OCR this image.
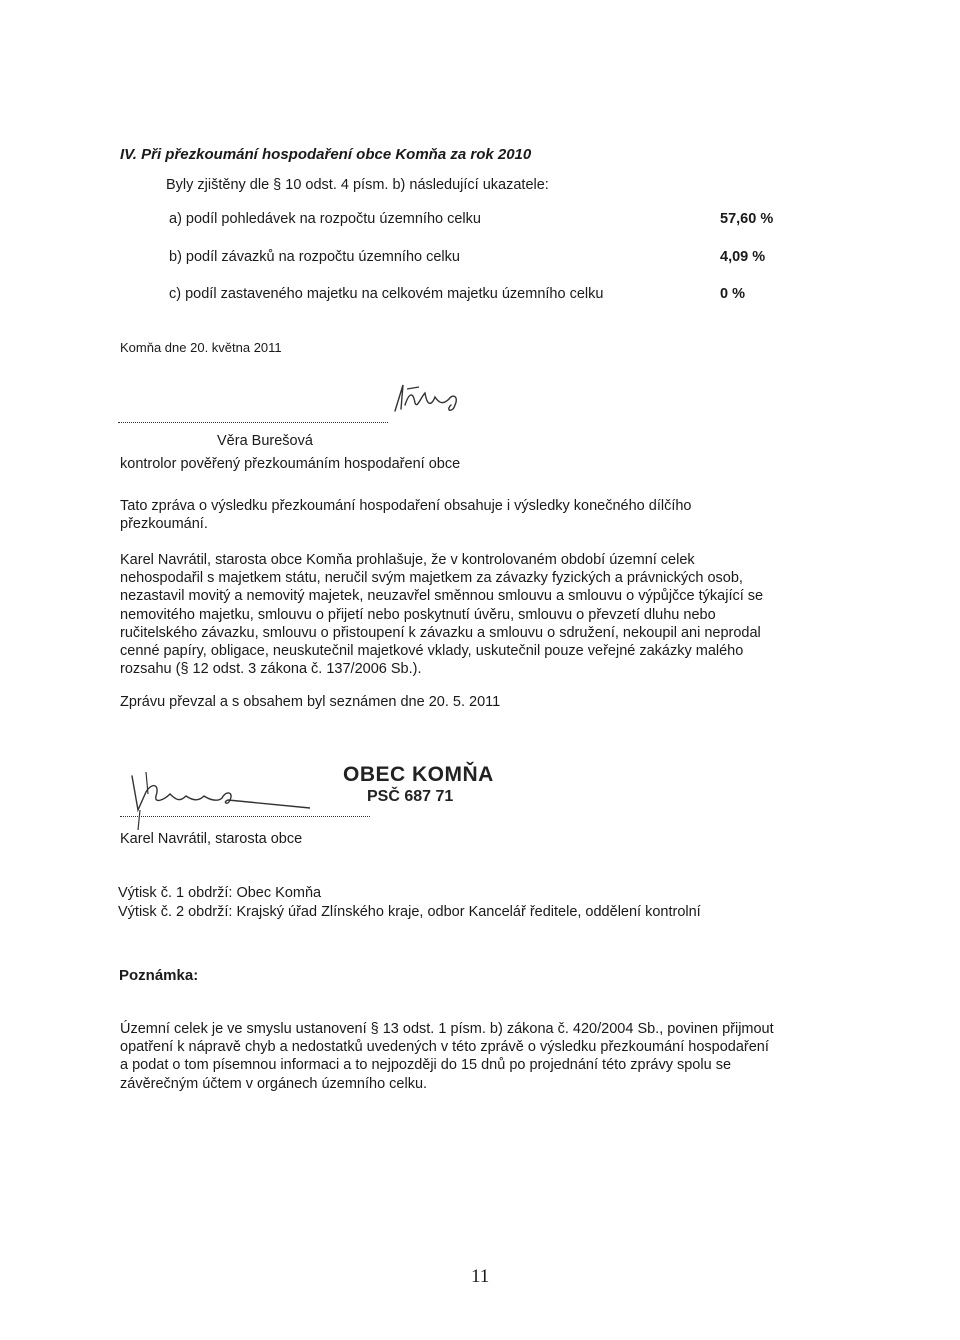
IV. Při přezkoumání hospodaření obce Komňa za rok 2010
Byly zjištěny dle § 10 odst. 4 písm. b) následující ukazatele:
a) podíl pohledávek na rozpočtu územního celku	57,60 %
b) podíl závazků na rozpočtu územního celku	4,09 %
c) podíl zastaveného majetku na celkovém majetku územního celku	0 %
Komňa dne 20. května 2011
Věra Burešová
kontrolor pověřený přezkoumáním hospodaření obce
Tato zpráva o výsledku přezkoumání hospodaření obsahuje i výsledky konečného dílčího
přezkoumání.
Karel Navrátil, starosta obce Komňa prohlašuje, že v kontrolovaném období územní celek
nehospodařil s majetkem státu, neručil svým majetkem za závazky fyzických a právnických osob,
nezastavil movitý a nemovitý majetek, neuzavřel směnnou smlouvu a smlouvu o výpůjčce týkající se
nemovitého majetku, smlouvu o přijetí nebo poskytnutí úvěru, smlouvu o převzetí dluhu nebo
ručitelského závazku, smlouvu o přistoupení k závazku a smlouvu o sdružení, nekoupil ani neprodal
cenné papíry, obligace, neuskutečnil majetkové vklady, uskutečnil pouze veřejné zakázky malého
rozsahu (§ 12 odst. 3 zákona č. 137/2006 Sb.).
Zprávu převzal a s obsahem byl seznámen dne 20. 5. 2011
OBEC KOMŇA
PSČ 687 71
Karel Navrátil, starosta obce
Výtisk č. 1 obdrží: Obec Komňa
Výtisk č. 2 obdrží: Krajský úřad Zlínského kraje, odbor Kancelář ředitele, oddělení kontrolní
Poznámka:
Územní celek je ve smyslu ustanovení § 13 odst. 1 písm. b) zákona č. 420/2004 Sb., povinen přijmout
opatření k nápravě chyb a nedostatků uvedených v této zprávě o výsledku přezkoumání hospodaření
a podat o tom písemnou informaci a to nejpozději do 15 dnů po projednání této zprávy spolu se
závěrečným účtem v orgánech územního celku.
11
